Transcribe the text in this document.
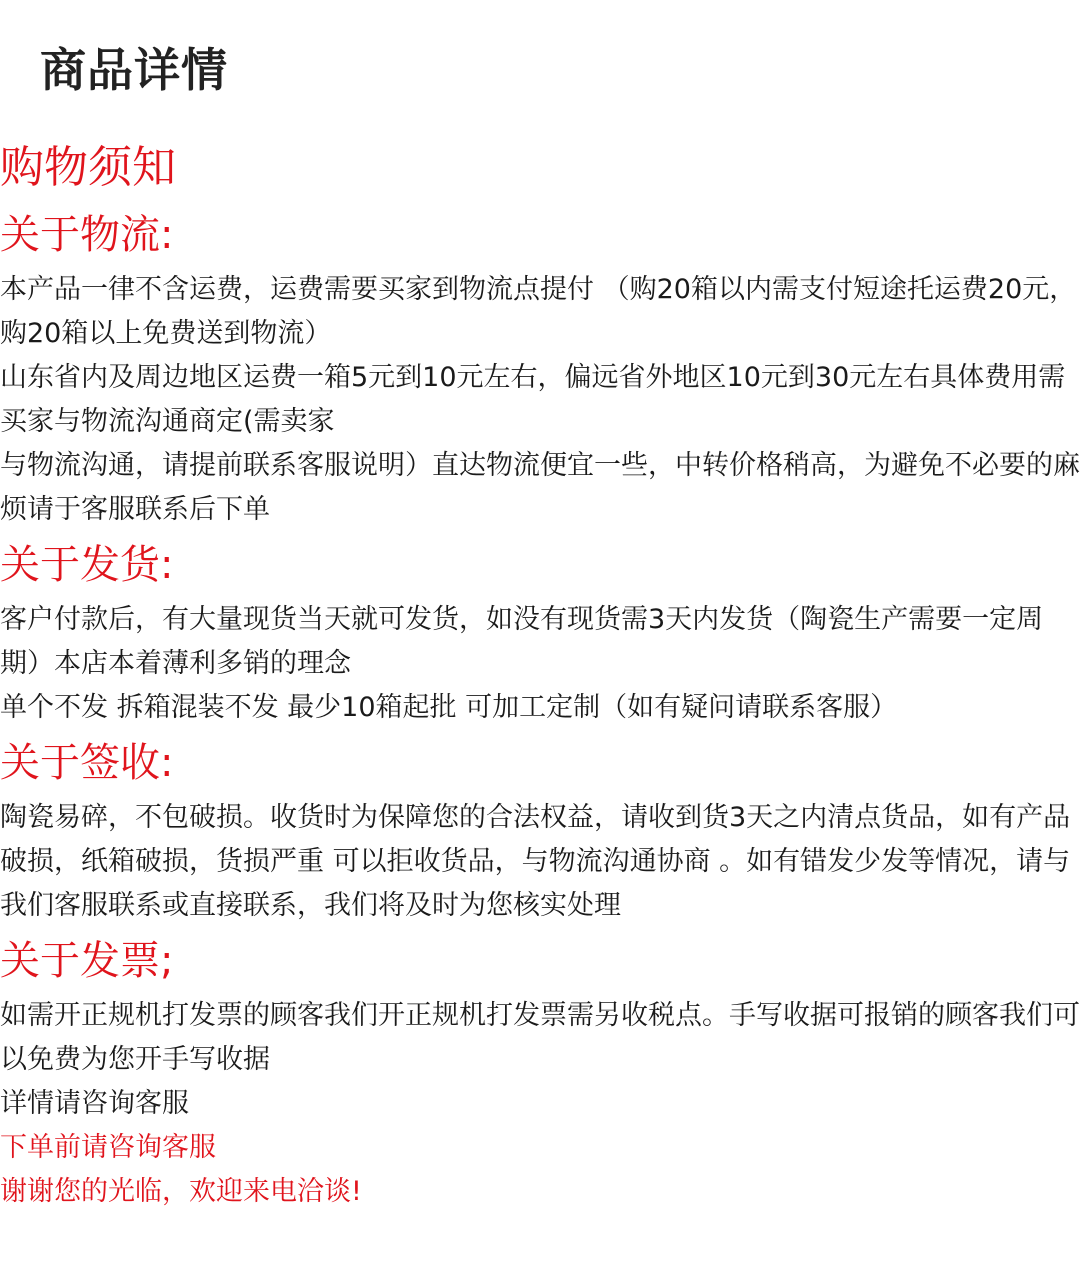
商品详情
购物须知
关于物流:

本产品一律不含运费，运费需要买家到物流点提付 （购20箱以内需支付短途托运费20元，购20箱以上免费送到物流）

山东省内及周边地区运费一箱5元到10元左右，偏远省外地区10元到30元左右具体费用需买家与物流沟通商定(需卖家

与物流沟通，请提前联系客服说明）直达物流便宜一些，中转价格稍高，为避免不必要的麻烦请于客服联系后下单

关于发货:

客户付款后，有大量现货当天就可发货，如没有现货需3天内发货（陶瓷生产需要一定周期）本店本着薄利多销的理念

单个不发 拆箱混装不发 最少10箱起批 可加工定制（如有疑问请联系客服）

关于签收:

陶瓷易碎，不包破损。收货时为保障您的合法权益，请收到货3天之内清点货品，如有产品破损，纸箱破损，货损严重 可以拒收货品，与物流沟通协商 。如有错发少发等情况，请与我们客服联系或直接联系，我们将及时为您核实处理

关于发票;

如需开正规机打发票的顾客我们开正规机打发票需另收税点。手写收据可报销的顾客我们可以免费为您开手写收据

详情请咨询客服

下单前请咨询客服

谢谢您的光临，欢迎来电洽谈!
